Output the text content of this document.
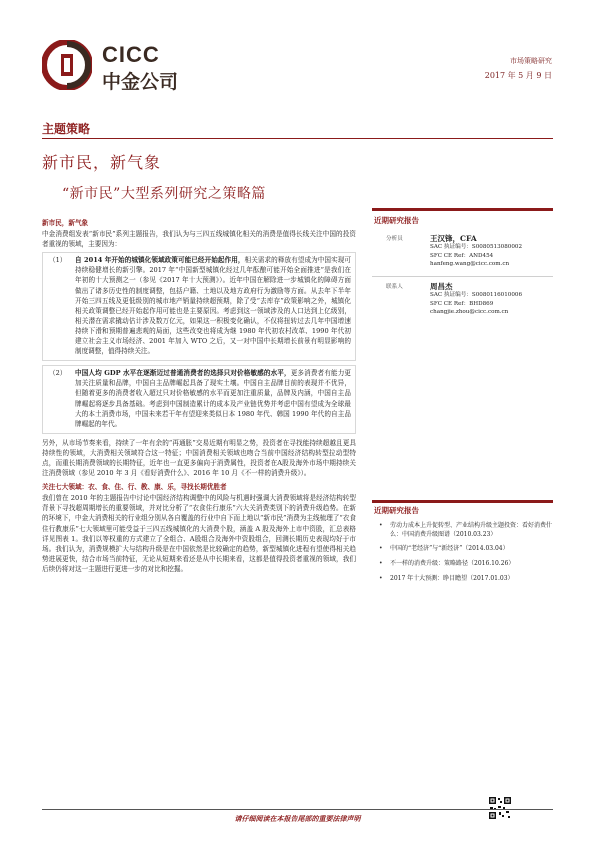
CICC
中金公司
市场策略研究
2017 年 5 月 9 日
主题策略
新市民，新气象
“新市民”大型系列研究之策略篇

新市民，新气象

中金消费组发表“新市民”系列主题报告，我们认为与三四五线城镇化相关的消费是值得长线关注中国的投资者重视的领域，主要因为：

（1） 自 2014 年开始的城镇化领域政策可能已经开始起作用，相关需求的释放有望成为中国实现可持续稳健增长的新引擎。2017 年“中国新型城镇化经过几年酝酿可能开始全面推进”是我们在年初的十大预测之一（参见《2017 年十大预测》）。近年中国在解除进一步城镇化的障碍方面做出了诸多历史性的制度调整，包括户籍、土地以及地方政府行为激励等方面。从去年下半年开始三四五线及更低级别的城市地产销量持续超预期，除了受“去库存”政策影响之外，城镇化相关政策调整已经开始起作用可能也是主要原因。考虑到这一领域涉及的人口达到上亿级别，相关潜在需求撬动估计涉及数万亿元，如果这一积极变化确认，不仅将扭转过去几年中国增速持续下滑和预期普遍悲观的局面，这些改变也将成为继 1980 年代初农村改革、1990 年代初建立社会主义市场经济、2001 年加入 WTO 之后，又一对中国中长期增长前景有明显影响的制度调整，值得持续关注。

（2） 中国人均 GDP 水平在逐渐迈过普通消费者的选择只对价格敏感的水平，更多消费者有能力更加关注质量和品牌，中国自主品牌崛起具备了现实土壤。中国自主品牌目前的表现并不优异，但随着更多的消费者收入超过只对价格敏感的水平而更加注重质量，品牌及内涵，中国自主品牌崛起将逐步具备基础。考虑到中国制造累计的成本及产业链优势并考虑中国有望成为全球最大的本土消费市场，中国未来若干年有望迎来类似日本 1980 年代、韩国 1990 年代的自主品牌崛起的年代。

另外，从市场节奏来看，持续了一年有余的“再通胀”交易近期有明显之势，投资者在寻找能持续超越且更具持续性的领域，大消费相关领域符合这一特征；中国消费相关领域也吻合当前中国经济结构转型拉动型特点，而重长期消费领域的长期特征，近年也一直更多偏向于消费属性，投资者在A股及海外市场中期持续关注消费领域（参见 2010 年 3 月《看好消费什么》、2016 年 10 月《不一样的消费升级》）。

关注七大领域：衣、食、住、行、教、康、乐，寻找长期优胜者

我们曾在 2010 年的主题报告中讨论中国经济结构调整中的风险与机遇时强调大消费领域将是经济结构转型背景下寻找超周期增长的重要领域，并对比分析了“衣食住行康乐”六大关消费类别下的消费升级趋势。在新的环境下，中金大消费相关的行业组分别从各自覆盖的行业中自下而上地以“新市民”消费为主线梳理了“衣食住行教康乐”七大领域里可能受益于三四五线城镇化的大消费个股，涵盖 A 股及海外上市中资股，汇总表格详见图表 1。我们以等权重的方式建立了全组合、A股组合及海外中资股组合，回测长期历史表现均好于市场。我们认为，消费规模扩大与结构升级是在中国依然是比较确定的趋势，新型城镇化进程有望使得相关趋势进展更快，结合市场当前特征，无论从短期来看还是从中长期来看，这都是值得投资者重视的领域，我们后续仍将对这一主题进行更进一步的对比和挖掘。

近期研究报告
分析员	王汉锋，CFA
SAC 执证编号：S0080513080002
SFC CE Ref：AND454
hanfeng.wang@cicc.com.cn
联系人	周昌杰
SAC 执证编号：S0080116010006
SFC CE Ref：BHD869
changjie.zhou@cicc.com.cn
近期研究报告
• 劳动力成本上升促转型、产业结构升级主题投资：看好消费什么：中国消费升级图谱（2010.03.23）
• 中国的“老经济”与“新经济”（2014.03.04）
• 不一样的消费升级：策略路径（2016.10.26）
• 2017 年十大预测：睁目瞻望（2017.01.03）
请仔细阅读在本报告尾部的重要法律声明
